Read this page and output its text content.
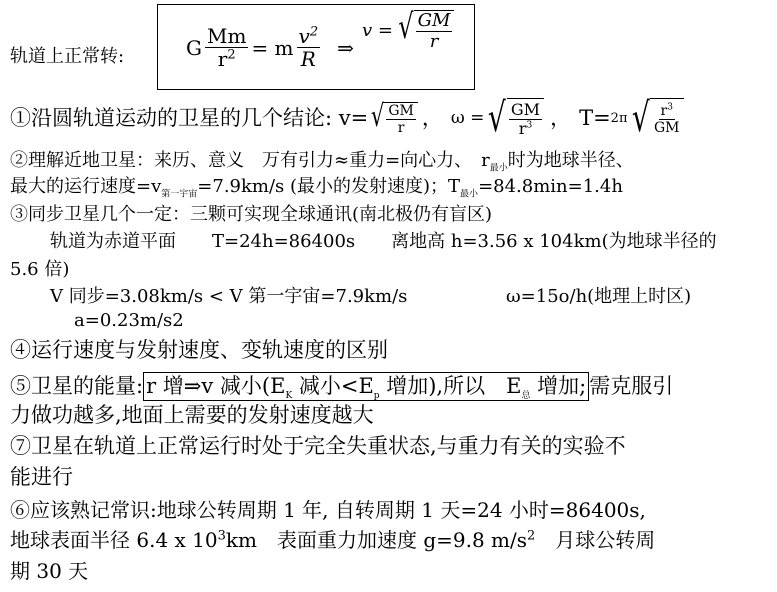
轨道上正常转:	G $\frac{Mm}{r^2} = m \frac{v^2}{R}$ ⇒
v = √ $\frac{GM}{r}$
①沿圆轨道运动的卫星的几个结论: v= √ $\frac{GM}{r}$ ， ω = √ $\frac{GM}{r^3}$ ， T= 2π √ $\frac{r^3}{GM}$
②理解近地卫星：来历、意义　万有引力≈重力=向心力、　$r_{最小}$时为地球半径、
最大的运行速度$=v_{第一宇宙}=7.9km/s$ (最小的发射速度)；$T_{最小}=84.8\min=1.4h$
③同步卫星几个一定：三颗可实现全球通讯(南北极仍有盲区)
轨道为赤道平面　　T=24h=86400s　　离地高 h=3.56 x 104km(为地球半径的
5.6 倍)
V 同步=3.08km/s < V 第一宇宙=7.9km/s	ω=15o/h(地理上时区)
a=0.23m/s2
④运行速度与发射速度、变轨速度的区别
⑤卫星的能量: r 增⇒v 减小($E_K$ 减小$<E_p$ 增加),所以　$E_总$ 增加; 需克服引
力做功越多,地面上需要的发射速度越大
⑦卫星在轨道上正常运行时处于完全失重状态,与重力有关的实验不
能进行
⑥应该熟记常识:地球公转周期 1 年, 自转周期 1 天=24 小时=86400s,
地球表面半径 6.4 x $10^3km$　表面重力加速度 g=9.8 $m/s^2$　月球公转周
期 30 天
